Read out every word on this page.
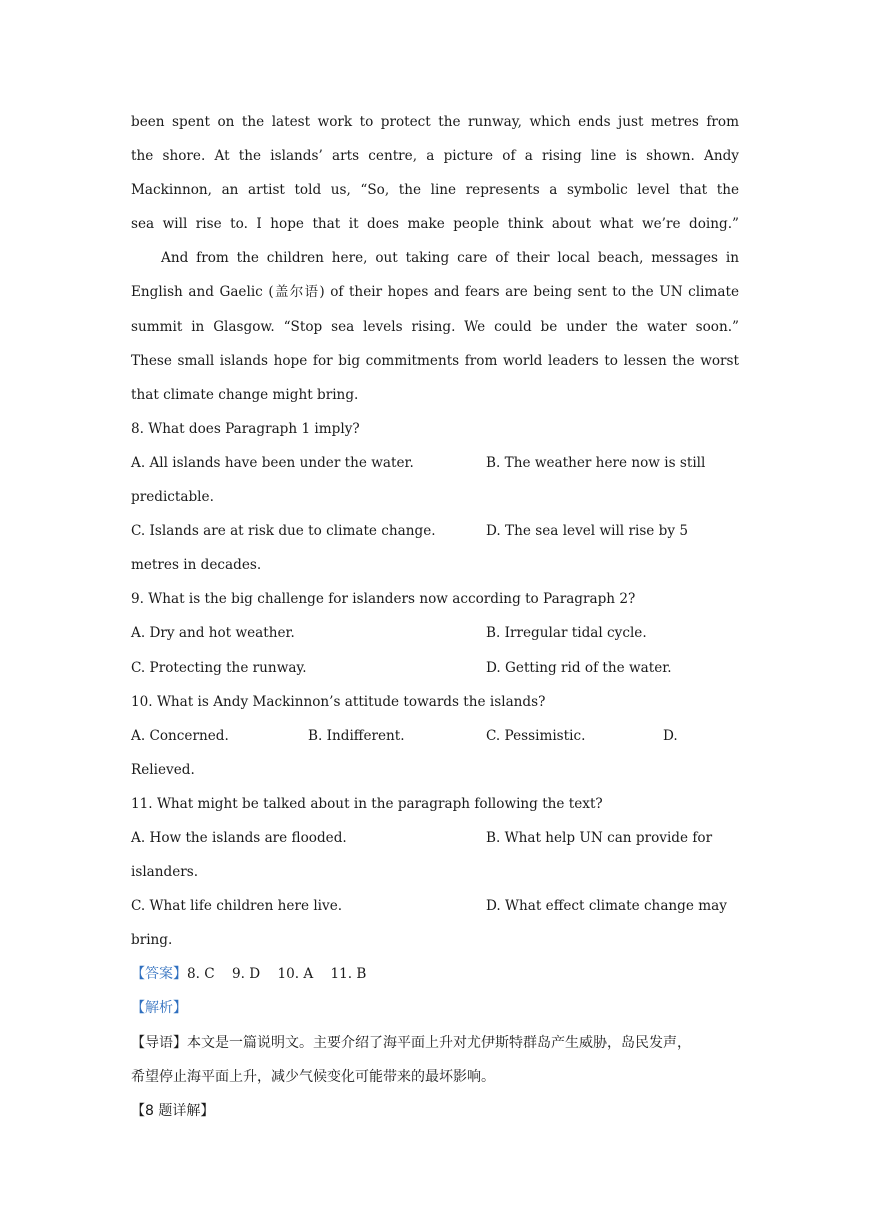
been spent on the latest work to protect the runway, which ends just metres from
the shore. At the islands’ arts centre, a picture of a rising line is shown. Andy
Mackinnon, an artist told us, “So, the line represents a symbolic level that the
sea will rise to. I hope that it does make people think about what we’re doing.”
And from the children here, out taking care of their local beach, messages in
English and Gaelic (盖尔语) of their hopes and fears are being sent to the UN climate
summit in Glasgow. “Stop sea levels rising. We could be under the water soon.”
These small islands hope for big commitments from world leaders to lessen the worst
that climate change might bring.
8. What does Paragraph 1 imply?
A. All islands have been under the water.	B. The weather here now is still
predictable.
C. Islands are at risk due to climate change.	D. The sea level will rise by 5
metres in decades.
9. What is the big challenge for islanders now according to Paragraph 2?
A. Dry and hot weather.	B. Irregular tidal cycle.
C. Protecting the runway.	D. Getting rid of the water.
10. What is Andy Mackinnon’s attitude towards the islands?
A. Concerned.	B. Indifferent.	C. Pessimistic.	D.
Relieved.
11. What might be talked about in the paragraph following the text?
A. How the islands are flooded.	B. What help UN can provide for
islanders.
C. What life children here live.	D. What effect climate change may
bring.
【答案】8. C    9. D    10. A    11. B
【解析】
【导语】本文是一篇说明文。主要介绍了海平面上升对尤伊斯特群岛产生威胁，岛民发声，
希望停止海平面上升，减少气候变化可能带来的最坏影响。
【8 题详解】
